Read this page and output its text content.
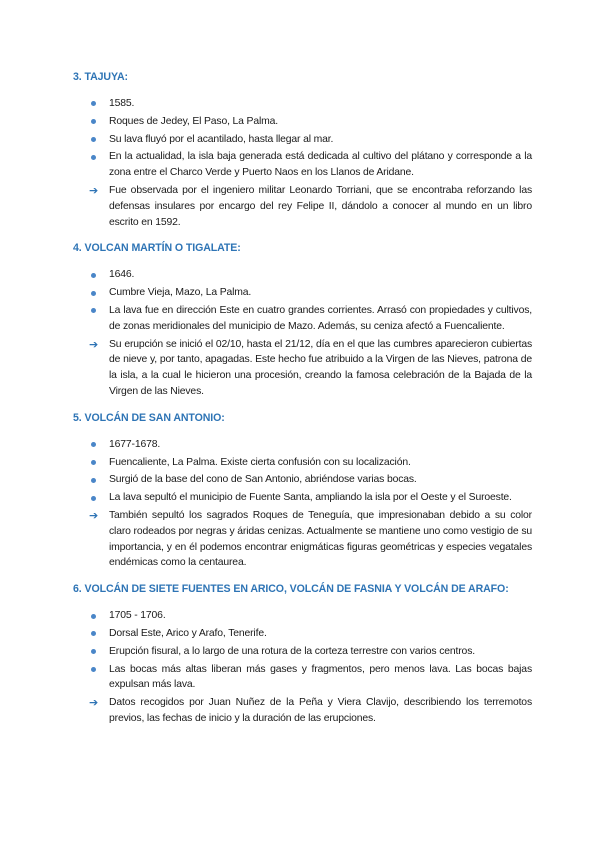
3. TAJUYA:
1585.
Roques de Jedey, El Paso, La Palma.
Su lava fluyó por el acantilado, hasta llegar al mar.
En la actualidad, la isla baja generada está dedicada al cultivo del plátano y corresponde a la zona entre el Charco Verde y Puerto Naos en los Llanos de Aridane.
➔ Fue observada por el ingeniero militar Leonardo Torriani, que se encontraba reforzando las defensas insulares por encargo del rey Felipe II, dándolo a conocer al mundo en un libro escrito en 1592.
4. VOLCAN MARTÍN O TIGALATE:
1646.
Cumbre Vieja, Mazo, La Palma.
La lava fue en dirección Este en cuatro grandes corrientes. Arrasó con propiedades y cultivos, de zonas meridionales del municipio de Mazo. Además, su ceniza afectó a Fuencaliente.
➔ Su erupción se inició el 02/10, hasta el 21/12, día en el que las cumbres aparecieron cubiertas de nieve y, por tanto, apagadas. Este hecho fue atribuido a la Virgen de las Nieves, patrona de la isla, a la cual le hicieron una procesión, creando la famosa celebración de la Bajada de la Virgen de las Nieves.
5. VOLCÁN DE SAN ANTONIO:
1677-1678.
Fuencaliente, La Palma. Existe cierta confusión con su localización.
Surgió de la base del cono de San Antonio, abriéndose varias bocas.
La lava sepultó el municipio de Fuente Santa, ampliando la isla por el Oeste y el Suroeste.
➔ También sepultó los sagrados Roques de Teneguía, que impresionaban debido a su color claro rodeados por negras y áridas cenizas. Actualmente se mantiene uno como vestigio de su importancia, y en él podemos encontrar enigmáticas figuras geométricas y especies vegatales endémicas como la centaurea.
6. VOLCÁN DE SIETE FUENTES EN ARICO, VOLCÁN DE FASNIA Y VOLCÁN DE ARAFO:
1705 - 1706.
Dorsal Este, Arico y Arafo, Tenerife.
Erupción fisural, a lo largo de una rotura de la corteza terrestre con varios centros.
Las bocas más altas liberan más gases y fragmentos, pero menos lava. Las bocas bajas expulsan más lava.
➔ Datos recogidos por Juan Nuñez de la Peña y Viera Clavijo, describiendo los terremotos previos, las fechas de inicio y la duración de las erupciones.
